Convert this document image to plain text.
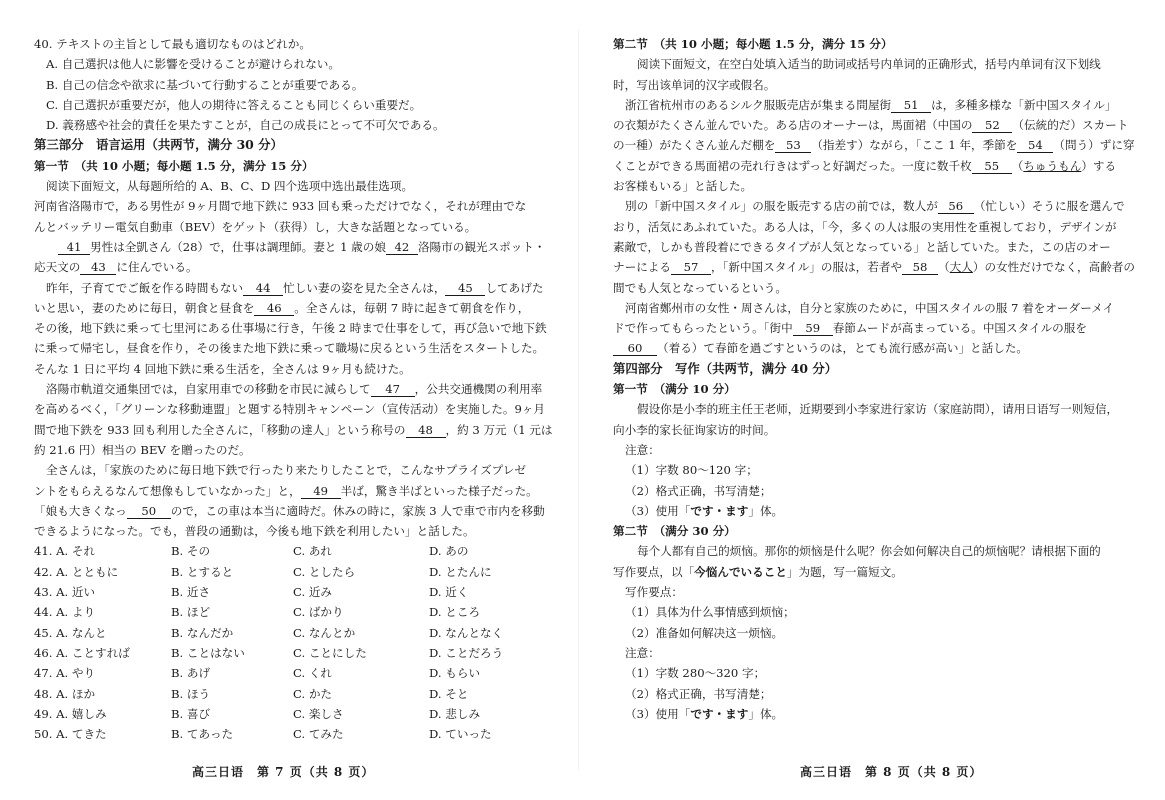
40. テキストの主旨として最も適切なものはどれか。
A. 自己選択は他人に影響を受けることが避けられない。
B. 自己の信念や欲求に基づいて行動することが重要である。
C. 自己選択が重要だが，他人の期待に答えることも同じくらい重要だ。
D. 義務感や社会的責任を果たすことが，自己の成長にとって不可欠である。
第三部分　语言运用（共两节，满分 30 分）
第一节　（共 10 小题；每小题 1.5 分，满分 15 分）
阅读下面短文，从每题所给的 A、B、C、D 四个选项中选出最佳选项。
河南省洛陽市で，ある男性が 9ヶ月間で地下鉄に 933 回も乗っただけでなく，それが理由でな
んとバッテリー電気自動車（BEV）をゲット（获得）し，大きな話題となっている。
41 男性は全凱さん（28）で，仕事は調理師。妻と 1 歳の娘 42 洛陽市の観光スポット・
応天文の 43 に住んでいる。
昨年，子育てでご飯を作る時間もない 44 忙しい妻の姿を見た全さんは， 45 してあげた
いと思い，妻のために毎日，朝食と昼食を 46 。全さんは，毎朝 7 時に起きて朝食を作り，
その後，地下鉄に乗って七里河にある仕事場に行き，午後 2 時まで仕事をして，再び急いで地下鉄
に乗って帰宅し，昼食を作り，その後また地下鉄に乗って職場に戻るという生活をスタートした。
そんな 1 日に平均 4 回地下鉄に乗る生活を，全さんは 9ヶ月も続けた。
洛陽市軌道交通集団では，自家用車での移動を市民に減らして 47 ，公共交通機関の利用率
を高めるべく，「グリーンな移動連盟」と題する特別キャンペーン（宣传活动）を実施した。9ヶ月
間で地下鉄を 933 回も利用した全さんに，「移動の達人」という称号の 48 ，約 3 万元（1 元は
約 21.6 円）相当の BEV を贈ったのだ。
全さんは，「家族のために毎日地下鉄で行ったり来たりしたことで，こんなサプライズプレゼ
ントをもらえるなんて想像もしていなかった」と， 49 半ば，驚き半ばといった様子だった。
「娘も大きくなっ 50 ので，この車は本当に適時だ。休みの時に，家族 3 人で車で市内を移動
できるようになった。でも，普段の通勤は，今後も地下鉄を利用したい」と話した。
41. A. それ	B. その	C. あれ	D. あの
42. A. とともに	B. とすると	C. としたら	D. とたんに
43. A. 近い	B. 近さ	C. 近み	D. 近く
44. A. より	B. ほど	C. ばかり	D. ところ
45. A. なんと	B. なんだか	C. なんとか	D. なんとなく
46. A. ことすれば	B. ことはない	C. ことにした	D. ことだろう
47. A. やり	B. あげ	C. くれ	D. もらい
48. A. ほか	B. ほう	C. かた	D. そと
49. A. 嬉しみ	B. 喜び	C. 楽しさ	D. 悲しみ
50. A. てきた	B. てあった	C. てみた	D. ていった
高三日语　第 7 页（共 8 页）
第二节　（共 10 小题；每小题 1.5 分，满分 15 分）
阅读下面短文，在空白处填入适当的助词或括号内单词的正确形式，括号内单词有汉下划线
时，写出该单词的汉字或假名。
浙江省杭州市のあるシルク服販売店が集まる問屋街 51 は，多種多様な「新中国スタイル」
の衣類がたくさん並んでいた。ある店のオーナーは，馬面裙（中国の 52 （伝統的だ）スカート
の一種）がたくさん並んだ棚を 53 （指差す）ながら，「ここ 1 年，季節を 54 （問う）ずに穿
くことができる馬面裙の売れ行きはずっと好調だった。一度に数千枚 55 （ちゅうもん）する
お客様もいる」と話した。
別の「新中国スタイル」の服を販売する店の前では，数人が 56 （忙しい）そうに服を選んで
おり，活気にあふれていた。ある人は，「今，多くの人は服の実用性を重視しており，デザインが
素敵で，しかも普段着にできるタイプが人気となっている」と話していた。また，この店のオー
ナーによる 57 ，「新中国スタイル」の服は，若者や 58 （大人）の女性だけでなく，高齢者の
間でも人気となっているという。
河南省鄭州市の女性・周さんは，自分と家族のために，中国スタイルの服 7 着をオーダーメイ
ドで作ってもらったという。「街中 59 春節ムードが高まっている。中国スタイルの服を
60 （着る）て春節を過ごすというのは，とても流行感が高い」と話した。
第四部分　写作（共两节，满分 40 分）
第一节　（满分 10 分）
假设你是小李的班主任王老师，近期要到小李家进行家访（家庭訪問），请用日语写一则短信，
向小李的家长征询家访的时间。
注意：
（1）字数 80～120 字；
（2）格式正确，书写清楚；
（3）使用「です・ます」体。
第二节　（满分 30 分）
每个人都有自己的烦恼。那你的烦恼是什么呢？你会如何解决自己的烦恼呢？请根据下面的
写作要点，以「今悩んでいること」为题，写一篇短文。
写作要点：
（1）具体为什么事情感到烦恼；
（2）准备如何解决这一烦恼。
注意：
（1）字数 280～320 字；
（2）格式正确，书写清楚；
（3）使用「です・ます」体。
高三日语　第 8 页（共 8 页）
